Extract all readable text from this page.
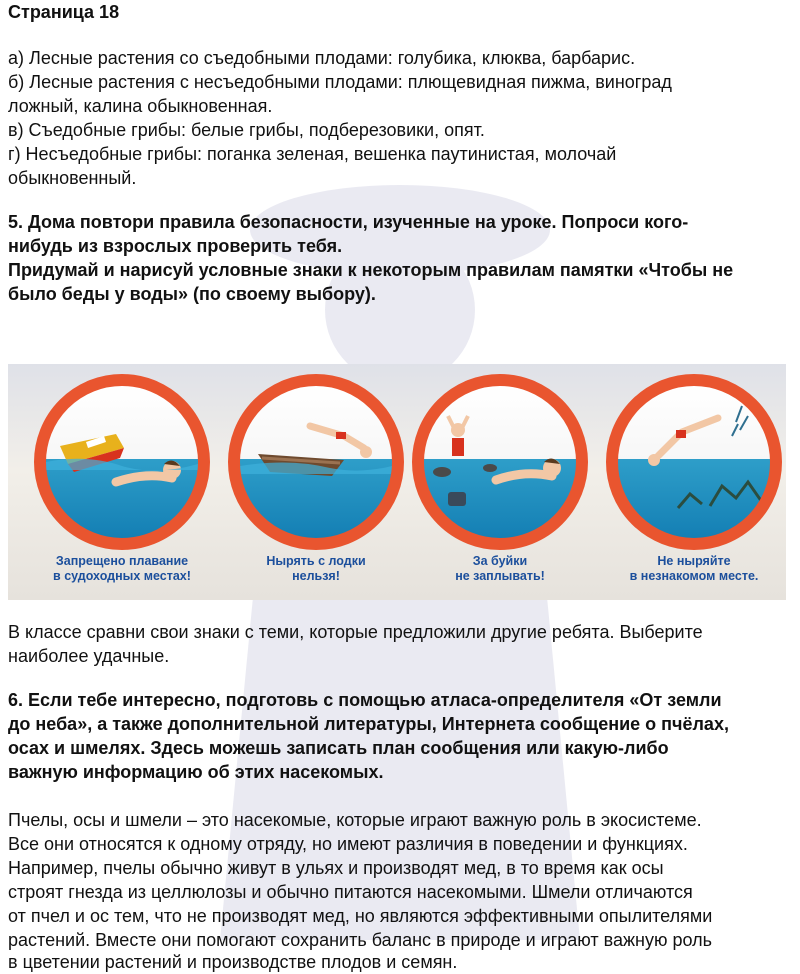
Страница 18
а) Лесные растения со съедобными плодами: голубика, клюква, барбарис.
б) Лесные растения с несъедобными плодами: плющевидная пижма, виноград
ложный, калина обыкновенная.
в) Съедобные грибы: белые грибы, подберезовики, опят.
г) Несъедобные грибы: поганка зеленая, вешенка паутинистая, молочай
обыкновенный.
5. Дома повтори правила безопасности, изученные на уроке. Попроси кого-
нибудь из взрослых проверить тебя.
Придумай и нарисуй условные знаки к некоторым правилам памятки «Чтобы не
было беды у воды» (по своему выбору).
Запрещено плавание
в судоходных местах!
Нырять с лодки
нельзя!
За буйки
не заплывать!
Не ныряйте
в незнакомом месте.
В классе сравни свои знаки с теми, которые предложили другие ребята. Выберите
наиболее удачные.
6. Если тебе интересно, подготовь с помощью атласа-определителя «От земли
до неба», а также дополнительной литературы, Интернета сообщение о пчёлах,
осах и шмелях. Здесь можешь записать план сообщения или какую-либо
важную информацию об этих насекомых.
Пчелы, осы и шмели – это насекомые, которые играют важную роль в экосистеме.
Все они относятся к одному отряду, но имеют различия в поведении и функциях.
Например, пчелы обычно живут в ульях и производят мед, в то время как осы
строят гнезда из целлюлозы и обычно питаются насекомыми. Шмели отличаются
от пчел и ос тем, что не производят мед, но являются эффективными опылителями
растений. Вместе они помогают сохранить баланс в природе и играют важную роль
в цветении растений и производстве плодов и семян.
